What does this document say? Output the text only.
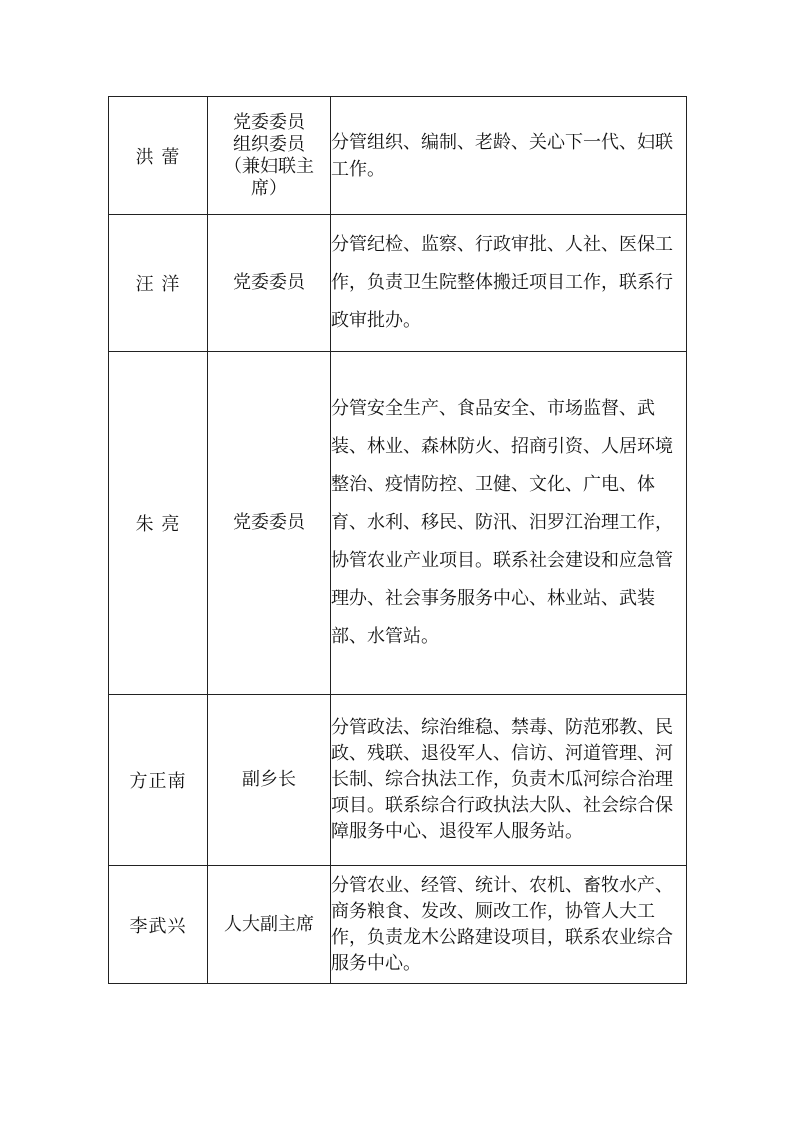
洪 蕾	党委委员
组织委员
（兼妇联主
席）	分管组织、编制、老龄、关心下一代、妇联工作。

汪 洋	党委委员	分管纪检、监察、行政审批、人社、医保工作，负责卫生院整体搬迁项目工作，联系行政审批办。

朱 亮	党委委员	分管安全生产、食品安全、市场监督、武装、林业、森林防火、招商引资、人居环境整治、疫情防控、卫健、文化、广电、体育、水利、移民、防汛、汨罗江治理工作，协管农业产业项目。联系社会建设和应急管理办、社会事务服务中心、林业站、武装部、水管站。

方正南	副乡长	分管政法、综治维稳、禁毒、防范邪教、民政、残联、退役军人、信访、河道管理、河长制、综合执法工作，负责木瓜河综合治理项目。联系综合行政执法大队、社会综合保障服务中心、退役军人服务站。

李武兴	人大副主席	分管农业、经管、统计、农机、畜牧水产、商务粮食、发改、厕改工作，协管人大工作，负责龙木公路建设项目，联系农业综合服务中心。
